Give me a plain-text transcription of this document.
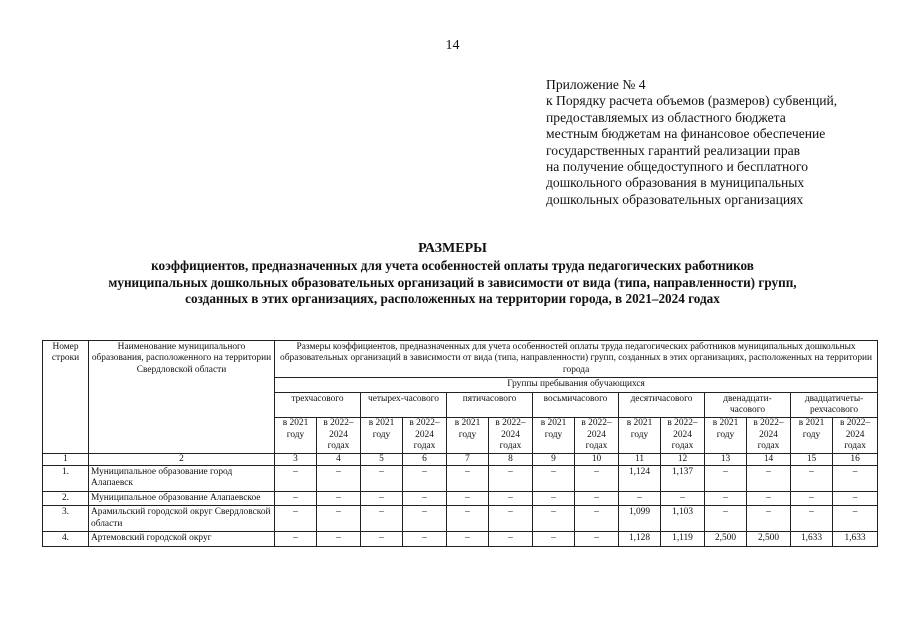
14
Приложение № 4
к Порядку расчета объемов (размеров) субвенций,
предоставляемых из областного бюджета
местным бюджетам на финансовое обеспечение
государственных гарантий реализации прав
на получение общедоступного и бесплатного
дошкольного образования в муниципальных
дошкольных образовательных организациях
РАЗМЕРЫ
коэффициентов, предназначенных для учета особенностей оплаты труда педагогических работников
муниципальных дошкольных образовательных организаций в зависимости от вида (типа, направленности) групп,
созданных в этих организациях, расположенных на территории города, в 2021–2024 годах
Номер строки	Наименование муниципального образования, расположенного на территории Свердловской области	Размеры коэффициентов, предназначенных для учета особенностей оплаты труда педагогических работников муниципальных дошкольных образовательных организаций в зависимости от вида (типа, направленности) групп, созданных в этих организациях, расположенных на территории города													
		Группы пребывания обучающихся													
		трехчасового		четырех-часового		пятичасового		восьмичасового		десятичасового		двенадцати-часового		двадцатичеты-рехчасового	
		в 2021 году	в 2022–2024 годах	в 2021 году	в 2022–2024 годах	в 2021 году	в 2022–2024 годах	в 2021 году	в 2022–2024 годах	в 2021 году	в 2022–2024 годах	в 2021 году	в 2022–2024 годах	в 2021 году	в 2022–2024 годах
1	2	3	4	5	6	7	8	9	10	11	12	13	14	15	16
1.	Муниципальное образование город Алапаевск	–	–	–	–	–	–	–	–	1,124	1,137	–	–	–	–
2.	Муниципальное образование Алапаевское	–	–	–	–	–	–	–	–	–	–	–	–	–	–
3.	Арамильский городской округ Свердловской области	–	–	–	–	–	–	–	–	1,099	1,103	–	–	–	–
4.	Артемовский городской округ	–	–	–	–	–	–	–	–	1,128	1,119	2,500	2,500	1,633	1,633
